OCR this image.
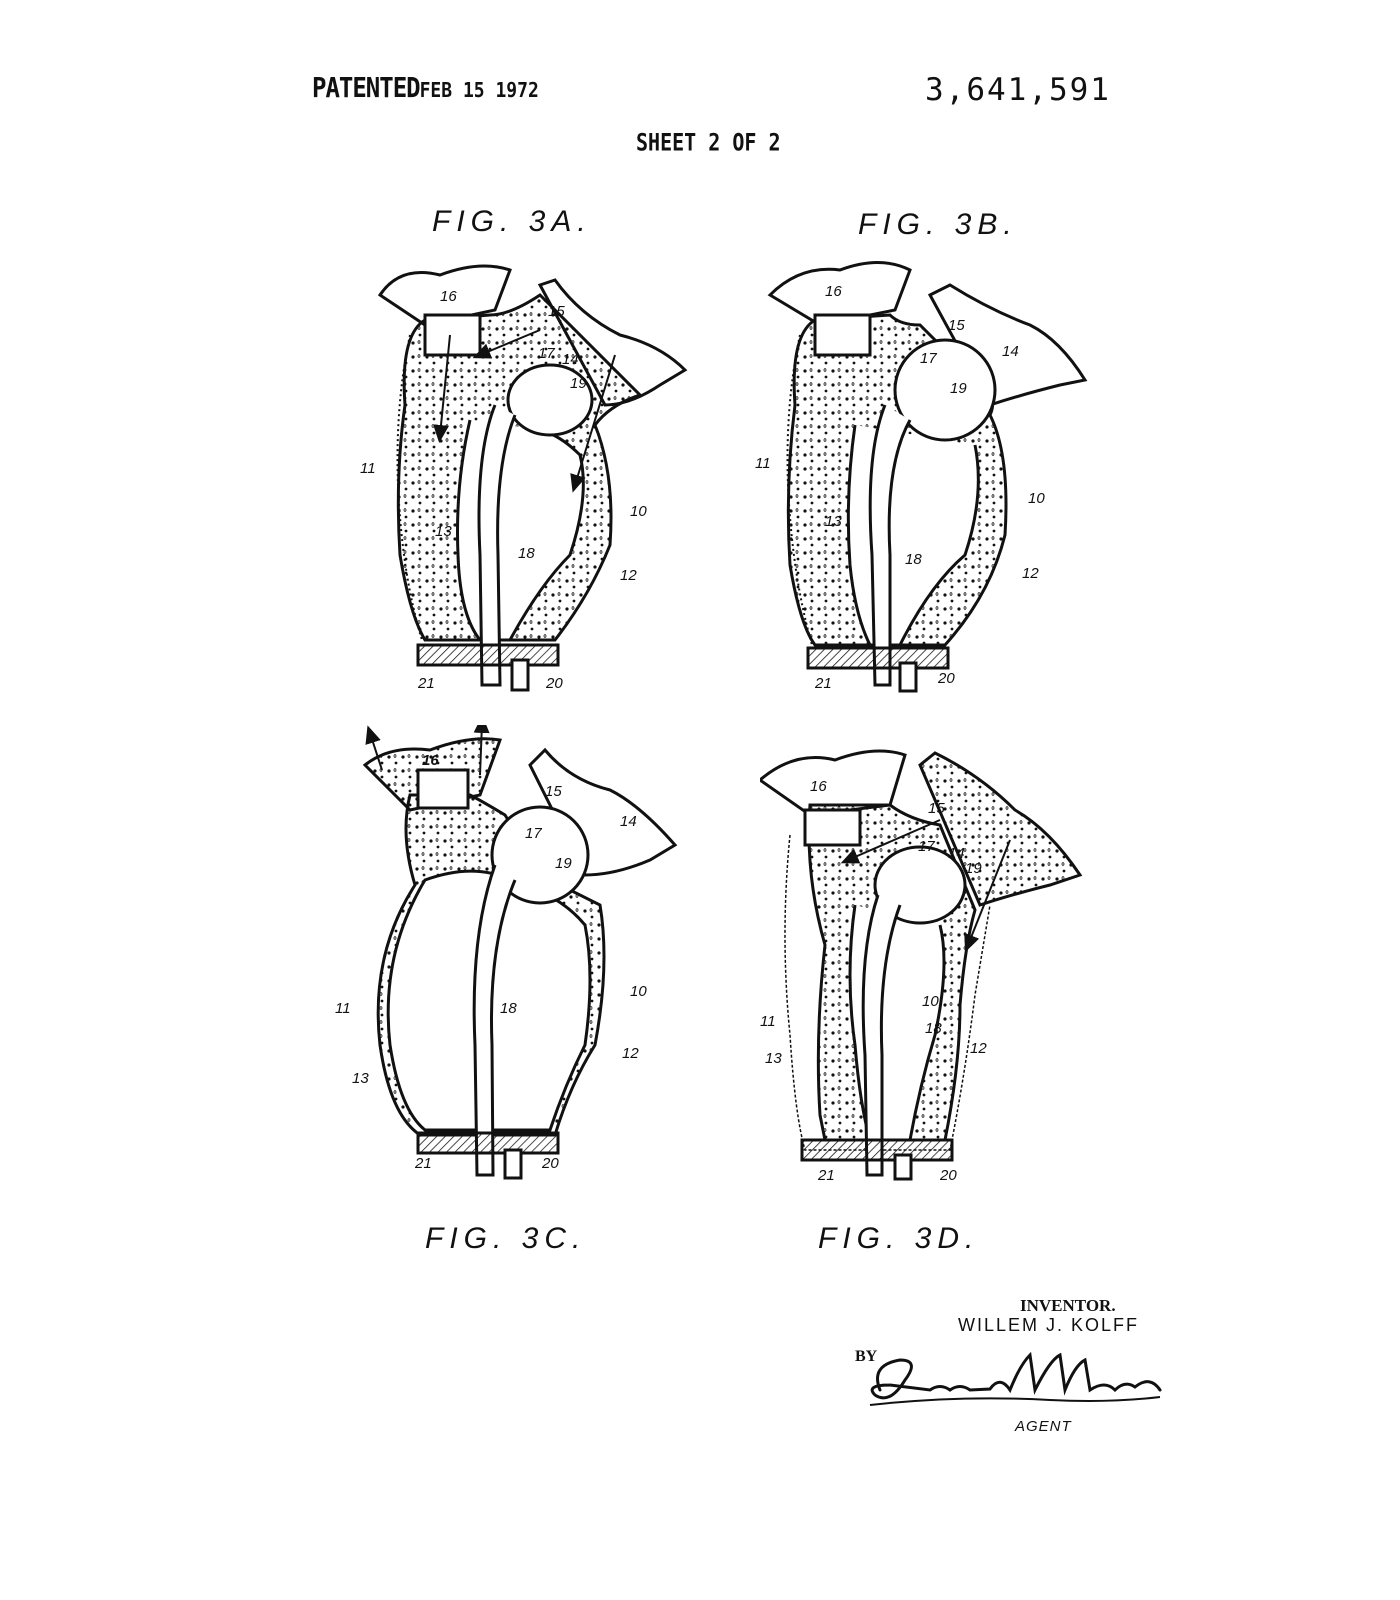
PATENTEDFEB 15 1972	3,641,591
SHEET 2 OF 2
FIG. 3A.	FIG. 3B.
FIG. 3C.	FIG. 3D.
16
15
17 14
19
11
13
18
10
12
21	20
16
15
17	14
19
11
13
18
10
12
21	20
16
15
17
14
19
18
11
13
10
12
21	20
16
15
17 14
19
11
13
10
18
12
21	20
INVENTOR.
WILLEM J. KOLFF
BY
AGENT
